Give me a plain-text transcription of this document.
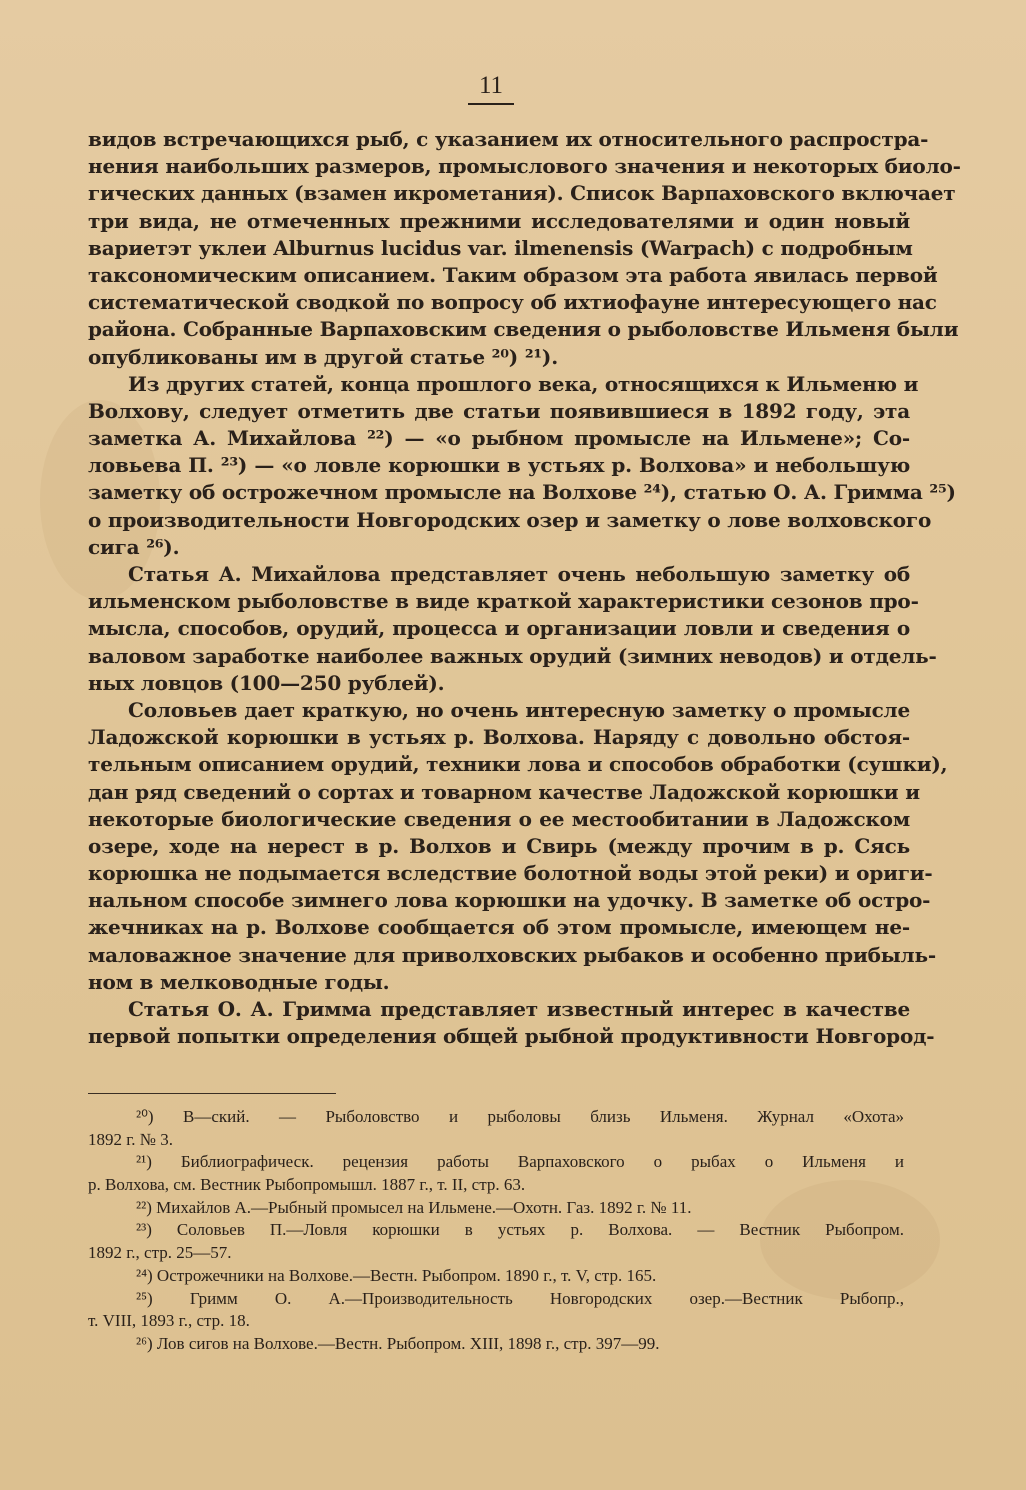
11
видов встречающихся рыб, с указанием их относительного распростра-
нения наибольших размеров, промыслового значения и некоторых биоло-
гических данных (взамен икрометания). Список Варпаховского включает
три вида, не отмеченных прежними исследователями и один новый
вариетэт уклеи Alburnus lucidus var. ilmenensis (Warpach) с подробным
таксономическим описанием. Таким образом эта работа явилась первой
систематической сводкой по вопросу об ихтиофауне интересующего нас
района. Собранные Варпаховским сведения о рыболовстве Ильменя были
опубликованы им в другой статье ²⁰) ²¹).
Из других статей, конца прошлого века, относящихся к Ильменю и
Волхову, следует отметить две статьи появившиеся в 1892 году, эта
заметка А. Михайлова ²²) — «о рыбном промысле на Ильмене»; Со-
ловьева П. ²³) — «о ловле корюшки в устьях р. Волхова» и небольшую
заметку об острожечном промысле на Волхове ²⁴), статью О. А. Гримма ²⁵)
о производительности Новгородских озер и заметку о лове волховского
сига ²⁶).
Статья А. Михайлова представляет очень небольшую заметку об
ильменском рыболовстве в виде краткой характеристики сезонов про-
мысла, способов, орудий, процесса и организации ловли и сведения о
валовом заработке наиболее важных орудий (зимних неводов) и отдель-
ных ловцов (100—250 рублей).
Соловьев дает краткую, но очень интересную заметку о промысле
Ладожской корюшки в устьях р. Волхова. Наряду с довольно обстоя-
тельным описанием орудий, техники лова и способов обработки (сушки),
дан ряд сведений о сортах и товарном качестве Ладожской корюшки и
некоторые биологические сведения о ее местообитании в Ладожском
озере, ходе на нерест в р. Волхов и Свирь (между прочим в р. Сясь
корюшка не подымается вследствие болотной воды этой реки) и ориги-
нальном способе зимнего лова корюшки на удочку. В заметке об остро-
жечниках на р. Волхове сообщается об этом промысле, имеющем не-
маловажное значение для приволховских рыбаков и особенно прибыль-
ном в мелководные годы.
Статья О. А. Гримма представляет известный интерес в качестве
первой попытки определения общей рыбной продуктивности Новгород-
²⁰) В—ский. — Рыболовство и рыболовы близь Ильменя. Журнал «Охота»
1892 г. № 3.
²¹) Библиографическ. рецензия работы Варпаховского о рыбах о Ильменя и
р. Волхова, см. Вестник Рыбопромышл. 1887 г., т. II, стр. 63.
²²) Михайлов А.—Рыбный промысел на Ильмене.—Охотн. Газ. 1892 г. № 11.
²³) Соловьев П.—Ловля корюшки в устьях р. Волхова. — Вестник Рыбопром.
1892 г., стр. 25—57.
²⁴) Острожечники на Волхове.—Вестн. Рыбопром. 1890 г., т. V, стр. 165.
²⁵) Гримм О. А.—Производительность Новгородских озер.—Вестник Рыбопр.,
т. VIII, 1893 г., стр. 18.
²⁶) Лов сигов на Волхове.—Вестн. Рыбопром. XIII, 1898 г., стр. 397—99.
